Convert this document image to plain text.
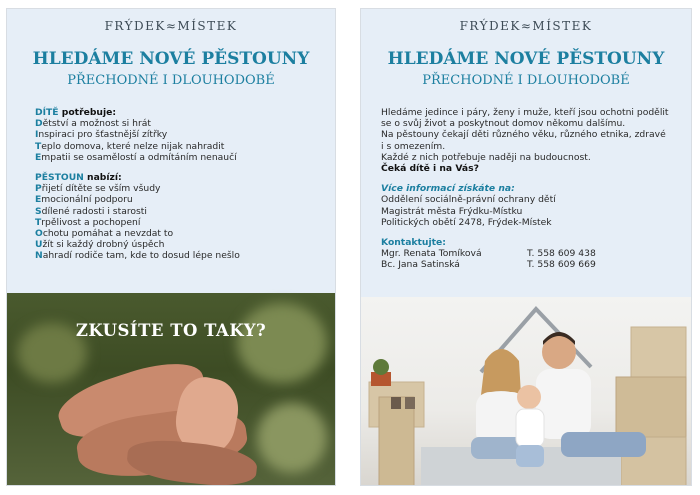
FRÝDEK≈MÍSTEK
HLEDÁME NOVÉ PĚSTOUNY
PŘECHODNÉ I DLOUHODOBÉ
DÍTĚ potřebuje:
Dětství a možnost si hrát
Inspiraci pro šťastnější zítřky
Teplo domova, které nelze nijak nahradit
Empatii se osamělostí a odmítáním nenaučí
PĚSTOUN nabízí:
Přijetí dítěte se vším všudy
Emocionální podporu
Sdílené radosti i starosti
Trpělivost a pochopení
Ochotu pomáhat a nevzdat to
Užít si každý drobný úspěch
Nahradí rodiče tam, kde to dosud lépe nešlo
ZKUSÍTE TO TAKY?
FRÝDEK≈MÍSTEK
HLEDÁME NOVÉ PĚSTOUNY
PŘECHODNÉ I DLOUHODOBÉ
Hledáme jedince i páry, ženy i muže, kteří jsou ochotni podělit
se o svůj život a poskytnout domov někomu dalšímu.
Na pěstouny čekají děti různého věku, různého etnika, zdravé
i s omezením.
Každé z nich potřebuje naději na budoucnost.
Čeká dítě i na Vás?
Více informací získáte na:
Oddělení sociálně-právní ochrany dětí
Magistrát města Frýdku-Místku
Politických obětí 2478, Frýdek-Místek
Kontaktujte:
Mgr. Renata Tomíková	T. 558 609 438
Bc. Jana Satinská	T. 558 609 669
